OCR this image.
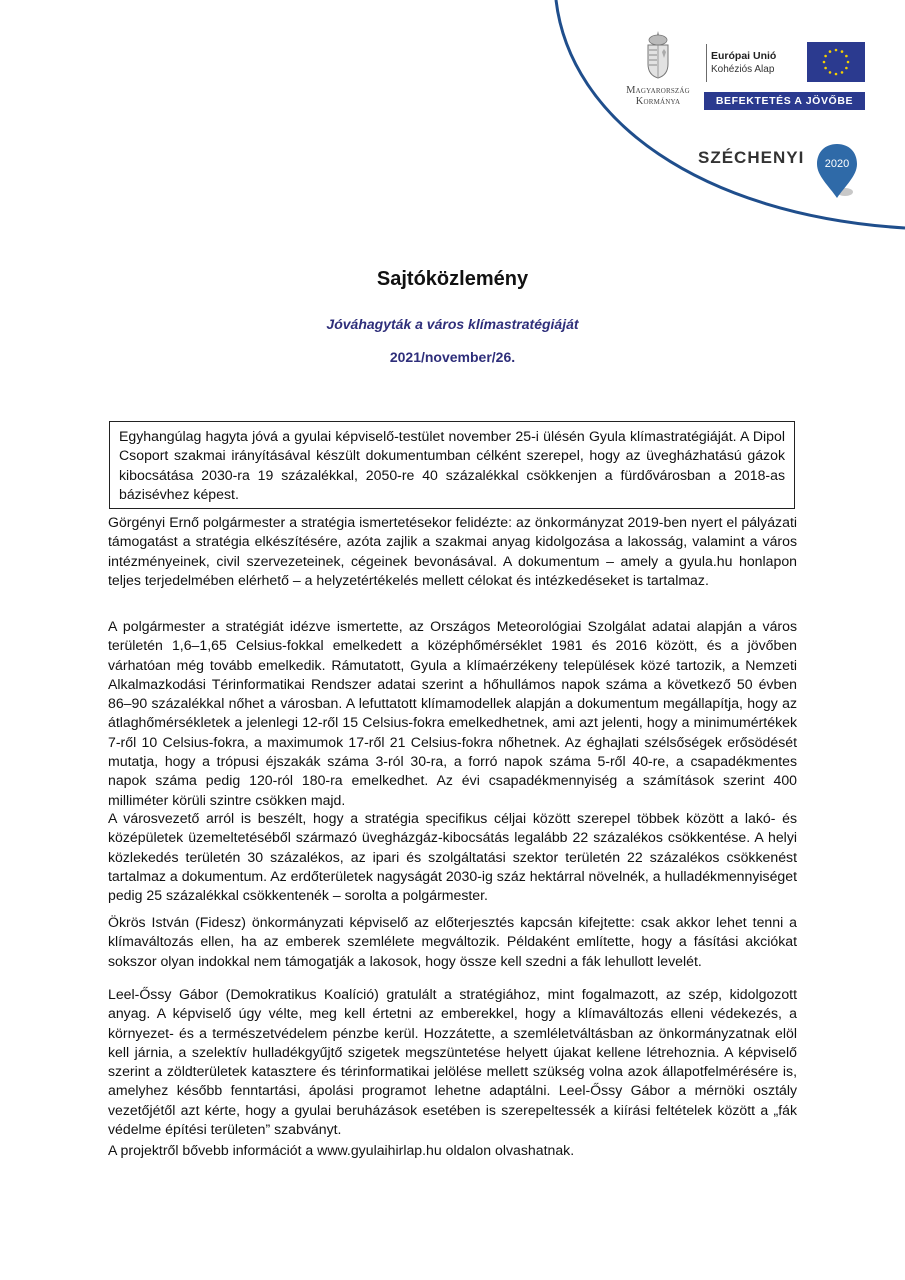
Magyarország
Kormánya
Európai Unió
Kohéziós Alap
BEFEKTETÉS A JÖVŐBE
SZÉCHENYI 2020
Sajtóközlemény
Jóváhagyták a város klímastratégiáját
2021/november/26.
Egyhangúlag hagyta jóvá a gyulai képviselő-testület november 25-i ülésén Gyula klímastratégiáját. A Dipol Csoport szakmai irányításával készült dokumentumban célként szerepel, hogy az üvegházhatású gázok kibocsátása 2030-ra 19 százalékkal, 2050-re 40 százalékkal csökkenjen a fürdővárosban a 2018-as bázisévhez képest.
Görgényi Ernő polgármester a stratégia ismertetésekor felidézte: az önkormányzat 2019-ben nyert el pályázati támogatást a stratégia elkészítésére, azóta zajlik a szakmai anyag kidolgozása a lakosság, valamint a város intézményeinek, civil szervezeteinek, cégeinek bevonásával. A dokumentum – amely a gyula.hu honlapon teljes terjedelmében elérhető – a helyzetértékelés mellett célokat és intézkedéseket is tartalmaz.
A polgármester a stratégiát idézve ismertette, az Országos Meteorológiai Szolgálat adatai alapján a város területén 1,6–1,65 Celsius-fokkal emelkedett a középhőmérséklet 1981 és 2016 között, és a jövőben várhatóan még tovább emelkedik. Rámutatott, Gyula a klímaérzékeny települések közé tartozik, a Nemzeti Alkalmazkodási Térinformatikai Rendszer adatai szerint a hőhullámos napok száma a következő 50 évben 86–90 százalékkal nőhet a városban. A lefuttatott klímamodellek alapján a dokumentum megállapítja, hogy az átlaghőmérsékletek a jelenlegi 12-ről 15 Celsius-fokra emelkedhetnek, ami azt jelenti, hogy a minimumértékek 7-ről 10 Celsius-fokra, a maximumok 17-ről 21 Celsius-fokra nőhetnek. Az éghajlati szélsőségek erősödését mutatja, hogy a trópusi éjszakák száma 3-ról 30-ra, a forró napok száma 5-ről 40-re, a csapadékmentes napok száma pedig 120-ról 180-ra emelkedhet. Az évi csapadékmennyiség a számítások szerint 400 milliméter körüli szintre csökken majd.
A városvezető arról is beszélt, hogy a stratégia specifikus céljai között szerepel többek között a lakó- és középületek üzemeltetéséből származó üvegházgáz-kibocsátás legalább 22 százalékos csökkentése. A helyi közlekedés területén 30 százalékos, az ipari és szolgáltatási szektor területén 22 százalékos csökkenést tartalmaz a dokumentum. Az erdőterületek nagyságát 2030-ig száz hektárral növelnék, a hulladékmennyiséget pedig 25 százalékkal csökkentenék – sorolta a polgármester.
Ökrös István (Fidesz) önkormányzati képviselő az előterjesztés kapcsán kifejtette: csak akkor lehet tenni a klímaváltozás ellen, ha az emberek szemlélete megváltozik. Példaként említette, hogy a fásítási akciókat sokszor olyan indokkal nem támogatják a lakosok, hogy össze kell szedni a fák lehullott levelét.
Leel-Őssy Gábor (Demokratikus Koalíció) gratulált a stratégiához, mint fogalmazott, az szép, kidolgozott anyag. A képviselő úgy vélte, meg kell értetni az emberekkel, hogy a klímaváltozás elleni védekezés, a környezet- és a természetvédelem pénzbe kerül. Hozzátette, a szemléletváltásban az önkormányzatnak elöl kell járnia, a szelektív hulladékgyűjtő szigetek megszüntetése helyett újakat kellene létrehoznia. A képviselő szerint a zöldterületek katasztere és térinformatikai jelölése mellett szükség volna azok állapotfelmérésére is, amelyhez később fenntartási, ápolási programot lehetne adaptálni. Leel-Őssy Gábor a mérnöki osztály vezetőjétől azt kérte, hogy a gyulai beruházások esetében is szerepeltessék a kiírási feltételek között a „fák védelme építési területen” szabványt.
A projektről bővebb információt a www.gyulaihirlap.hu oldalon olvashatnak.
